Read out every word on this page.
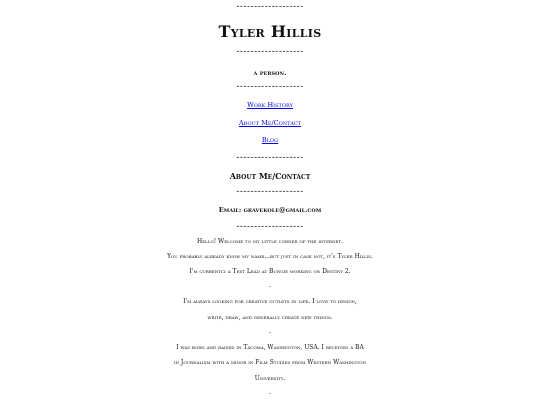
-------------------
Tyler Hillis
-------------------
a person.
-------------------
Work History
About Me/Contact
Blog
-------------------
About Me/Contact
-------------------
Email: gravekole@gmail.com
-------------------
Hello! Welcome to my little corner of the internet.
You probably already know my name...but just in case not, it's Tyler Hillis.
I'm currently a Test Lead at Bungie working on Destiny 2.
-
I'm always looking for creative outlets in life. I love to design,
write, draw, and generally create new things.
-
I was born and raised in Tacoma, Washington, USA. I received a BA
in Journalism with a minor in Film Studies from Western Washington
University.
-
